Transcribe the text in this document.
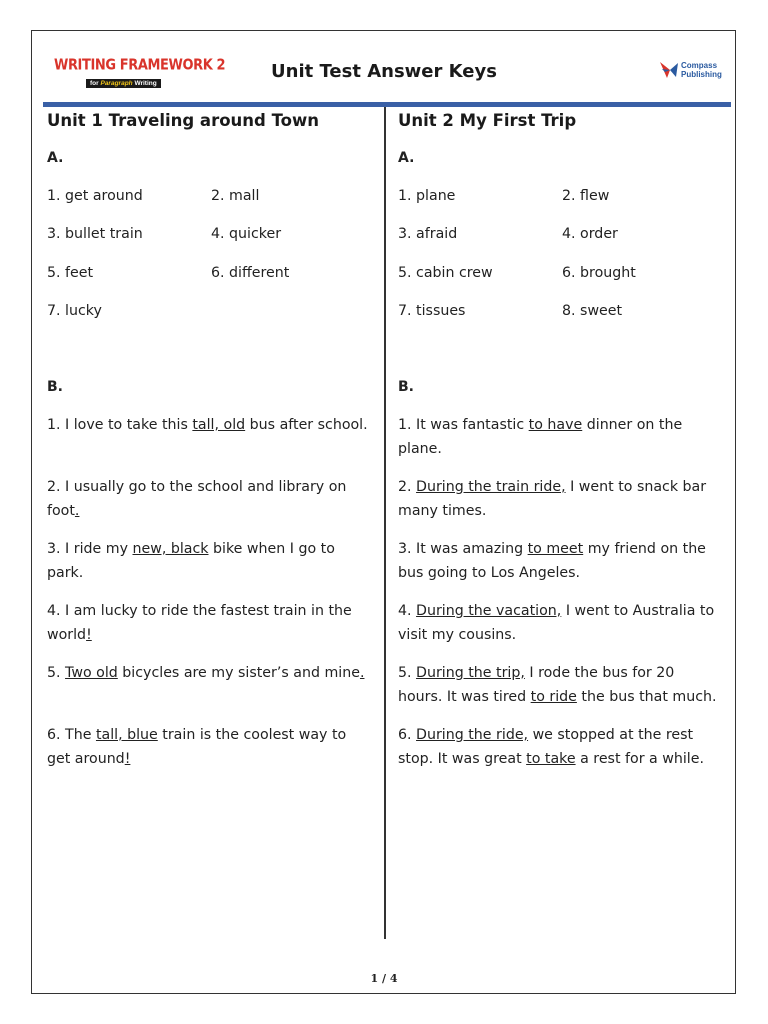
WRITING FRAMEWORK 2
for Paragraph Writing
Unit Test Answer Keys	Compass
Publishing
Unit 1 Traveling around Town
A.
1. get around	2. mall
3. bullet train	4. quicker
5. feet	6. different
7. lucky
B.
1. I love to take this tall, old bus after school.
2. I usually go to the school and library on foot.
3. I ride my new, black bike when I go to park.
4. I am lucky to ride the fastest train in the world!
5. Two old bicycles are my sister’s and mine.
6. The tall, blue train is the coolest way to get around!
Unit 2 My First Trip
A.
1. plane	2. flew
3. afraid	4. order
5. cabin crew	6. brought
7. tissues	8. sweet
B.
1. It was fantastic to have dinner on the plane.
2. During the train ride, I went to snack bar many times.
3. It was amazing to meet my friend on the bus going to Los Angeles.
4. During the vacation, I went to Australia to visit my cousins.
5. During the trip, I rode the bus for 20 hours. It was tired to ride the bus that much.
6. During the ride, we stopped at the rest stop. It was great to take a rest for a while.
1 / 4
